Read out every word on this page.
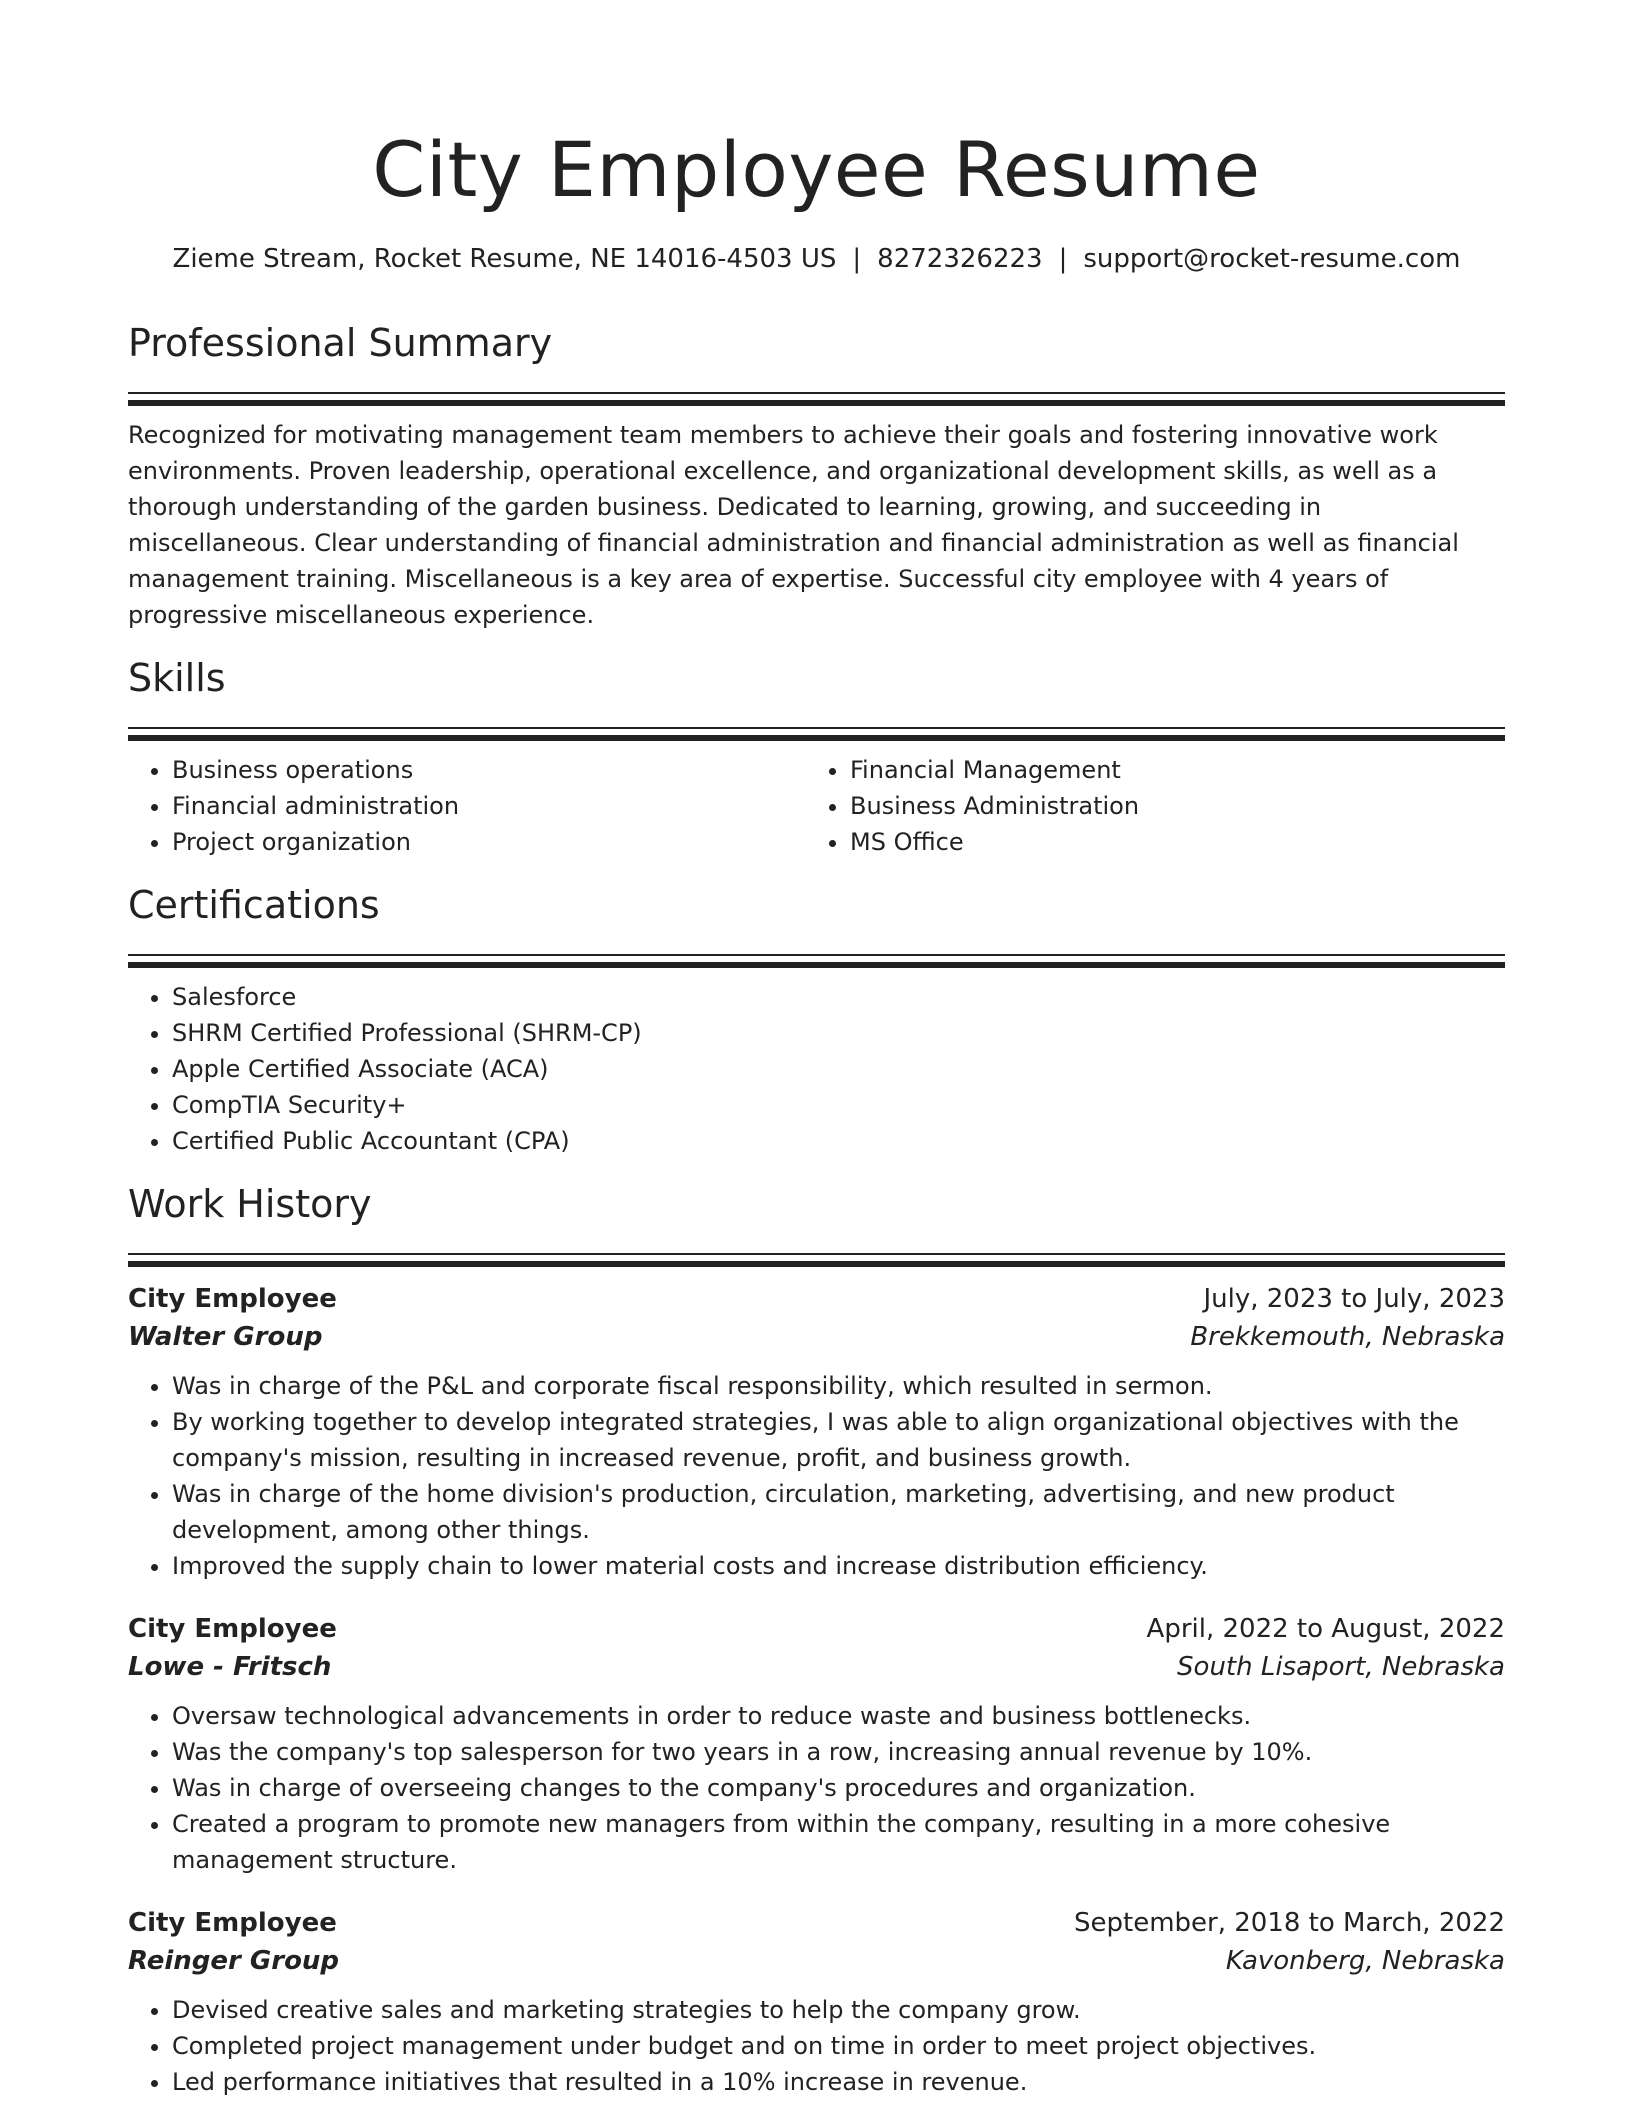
City Employee Resume
Zieme Stream, Rocket Resume, NE 14016-4503 US | 8272326223 | support@rocket-resume.com
Professional Summary

Recognized for motivating management team members to achieve their goals and fostering innovative work environments. Proven leadership, operational excellence, and organizational development skills, as well as a thorough understanding of the garden business. Dedicated to learning, growing, and succeeding in miscellaneous. Clear understanding of financial administration and financial administration as well as financial management training. Miscellaneous is a key area of expertise. Successful city employee with 4 years of progressive miscellaneous experience.

Skills
• Business operations
• Financial administration
• Project organization
• Financial Management
• Business Administration
• MS Office
Certifications
• Salesforce
• SHRM Certified Professional (SHRM-CP)
• Apple Certified Associate (ACA)
• CompTIA Security+
• Certified Public Accountant (CPA)
Work History
City Employee	July, 2023 to July, 2023
Walter Group	Brekkemouth, Nebraska
• Was in charge of the P&L and corporate fiscal responsibility, which resulted in sermon.
• By working together to develop integrated strategies, I was able to align organizational objectives with the company's mission, resulting in increased revenue, profit, and business growth.
• Was in charge of the home division's production, circulation, marketing, advertising, and new product development, among other things.
• Improved the supply chain to lower material costs and increase distribution efficiency.
City Employee	April, 2022 to August, 2022
Lowe - Fritsch	South Lisaport, Nebraska
• Oversaw technological advancements in order to reduce waste and business bottlenecks.
• Was the company's top salesperson for two years in a row, increasing annual revenue by 10%.
• Was in charge of overseeing changes to the company's procedures and organization.
• Created a program to promote new managers from within the company, resulting in a more cohesive management structure.
City Employee	September, 2018 to March, 2022
Reinger Group	Kavonberg, Nebraska
• Devised creative sales and marketing strategies to help the company grow.
• Completed project management under budget and on time in order to meet project objectives.
• Led performance initiatives that resulted in a 10% increase in revenue.
